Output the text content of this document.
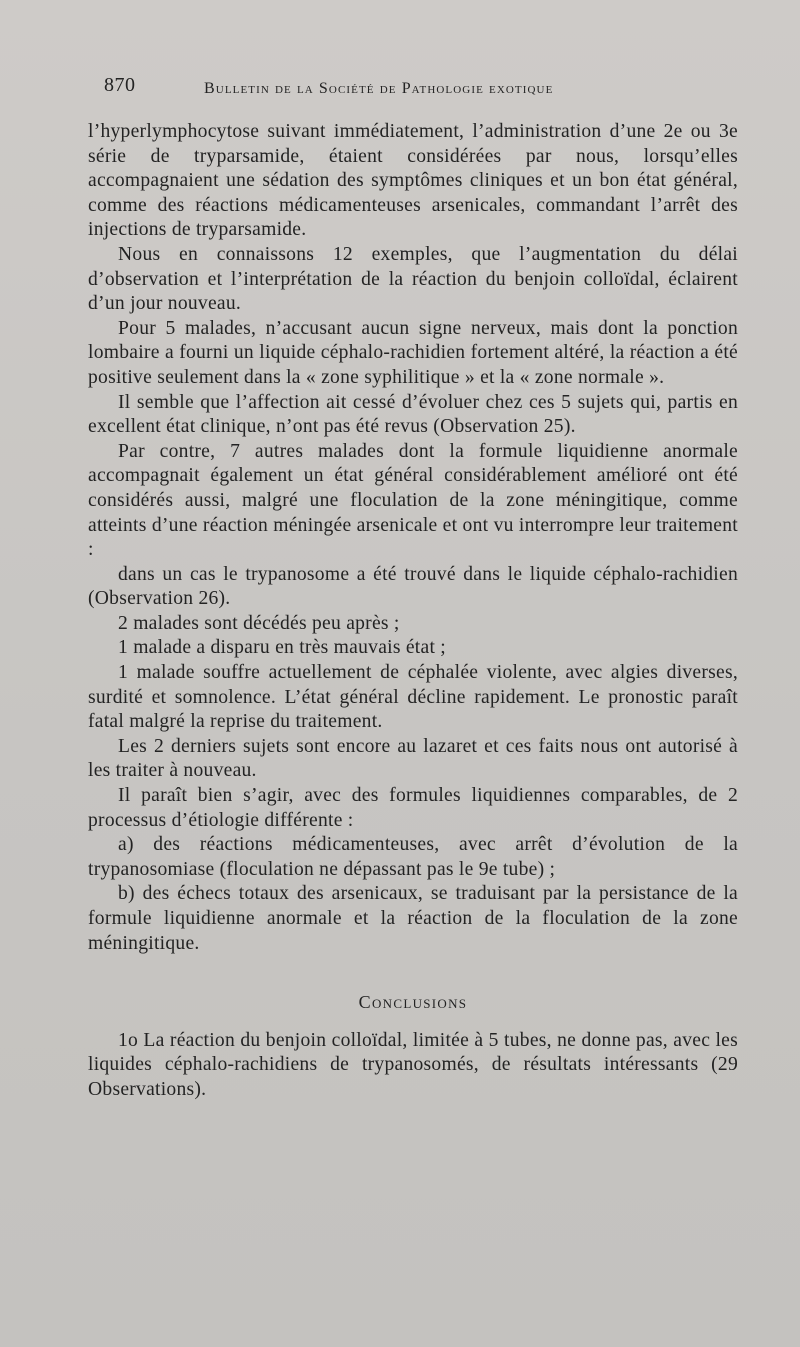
870	Bulletin de la Société de Pathologie exotique

l’hyperlymphocytose suivant immédiatement, l’administration d’une 2e ou 3e série de tryparsamide, étaient considérées par nous, lorsqu’elles accompagnaient une sédation des symptômes cliniques et un bon état général, comme des réactions médicamenteuses arsenicales, commandant l’arrêt des injections de tryparsamide.

Nous en connaissons 12 exemples, que l’augmentation du délai d’observation et l’interprétation de la réaction du benjoin colloïdal, éclairent d’un jour nouveau.

Pour 5 malades, n’accusant aucun signe nerveux, mais dont la ponction lombaire a fourni un liquide céphalo-rachidien fortement altéré, la réaction a été positive seulement dans la « zone syphilitique » et la « zone normale ».

Il semble que l’affection ait cessé d’évoluer chez ces 5 sujets qui, partis en excellent état clinique, n’ont pas été revus (Observation 25).

Par contre, 7 autres malades dont la formule liquidienne anormale accompagnait également un état général considérablement amélioré ont été considérés aussi, malgré une floculation de la zone méningitique, comme atteints d’une réaction méningée arsenicale et ont vu interrompre leur traitement :

dans un cas le trypanosome a été trouvé dans le liquide céphalo-rachidien (Observation 26).

2 malades sont décédés peu après ;

1 malade a disparu en très mauvais état ;

1 malade souffre actuellement de céphalée violente, avec algies diverses, surdité et somnolence. L’état général décline rapidement. Le pronostic paraît fatal malgré la reprise du traitement.

Les 2 derniers sujets sont encore au lazaret et ces faits nous ont autorisé à les traiter à nouveau.

Il paraît bien s’agir, avec des formules liquidiennes comparables, de 2 processus d’étiologie différente :

a) des réactions médicamenteuses, avec arrêt d’évolution de la trypanosomiase (floculation ne dépassant pas le 9e tube) ;

b) des échecs totaux des arsenicaux, se traduisant par la persistance de la formule liquidienne anormale et la réaction de la floculation de la zone méningitique.

Conclusions

1o La réaction du benjoin colloïdal, limitée à 5 tubes, ne donne pas, avec les liquides céphalo-rachidiens de trypanosomés, de résultats intéressants (29 Observations).
